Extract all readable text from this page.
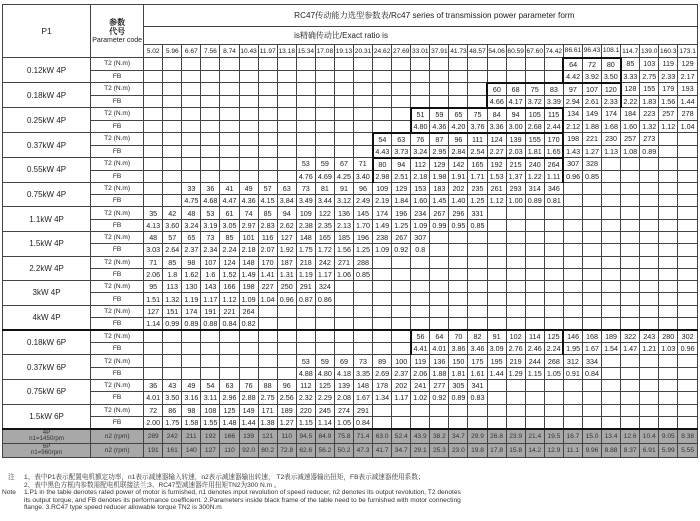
P1	参数代号
Parameter code	RC47传动能力选型参数表/Rc47 series of transmission power parameter form																												
		is精确传动比/Exact ratio is																												
		5.02	5.96	6.67	7.56	8.74	10.43	11.97	13.18	15.34	17.08	19.13	20.31	24.62	27.69	33.01	37.91	41.73	48.57	54.06	60.59	67.60	74.42	86.61	96.43	108.1	114.7	139.0	160.3	173.1
0.12kW 4P	T2 (N.m)																							64	72	80	85	103	119	129
	FB																							4.42	3.92	3.50	3.33	2.75	2.33	2.17
0.18kW 4P	T2 (N.m)																			60	68	75	83	97	107	120	128	155	179	193
	FB																			4.66	4.17	3.72	3.39	2.94	2.61	2.33	2.22	1.83	1.56	1.44
0.25kW 4P	T2 (N.m)															51	59	65	75	84	94	105	115	134	149	174	184	223	257	278
	FB															4.80	4.36	4.20	3.76	3.36	3.00	2.68	2.44	2.12	1.88	1.68	1.60	1.32	1.12	1.04
0.37kW 4P	T2 (N.m)													54	63	76	87	96	111	124	139	155	170	198	221	230	257	273		
	FB													4.43	3.73	3.24	2.95	2.84	2.54	2.27	2.03	1.81	1.65	1.43	1.27	1.13	1.08	0.89		
0.55kW 4P	T2 (N.m)									53	59	67	71	80	94	112	129	142	165	192	215	240	264	307	328					
	FB									4.76	4.69	4.25	3.40	2.98	2.51	2.18	1.98	1.91	1.71	1.53	1.37	1.22	1.11	0.96	0.85					
0.75kW 4P	T2 (N.m)			33	36	41	49	57	63	73	81	91	96	109	129	153	183	202	235	261	293	314	346							
	FB			4.75	4.68	4.47	4.36	4.15	3.84	3.49	3.44	3.12	2.49	2.19	1.84	1.60	1.45	1.40	1.25	1.12	1.00	0.89	0.81							
1.1kW 4P	T2 (N.m)	35	42	48	53	61	74	85	94	109	122	136	145	174	196	234	267	296	331											
	FB	4.13	3.60	3.24	3.19	3.05	2.97	2.83	2.62	2.38	2.35	2.13	1.70	1.49	1.25	1.09	0.99	0.95	0.85											
1.5kW 4P	T2 (N.m)	48	57	65	73	85	101	116	127	148	165	185	196	238	267	307														
	FB	3.03	2.64	2.37	2.34	2.24	2.18	2.07	1.92	1.75	1.72	1.56	1.25	1.09	0.92	0.8														
2.2kW 4P	T2 (N.m)	71	85	98	107	124	148	170	187	218	242	271	288																	
	FB	2.06	1.8	1.62	1.6	1.52	1.49	1.41	1.31	1.19	1.17	1.06	0.85																	
3kW 4P	T2 (N.m)	95	113	130	143	166	198	227	250	291	324																			
	FB	1.51	1.32	1.19	1.17	1.12	1.09	1.04	0.96	0.87	0.86																			
4kW 4P	T2 (N.m)	127	151	174	191	221	264																							
	FB	1.14	0.99	0.89	0.88	0.84	0.82																							
0.18kW 6P	T2 (N.m)															56	64	70	82	91	102	114	125	146	168	189	322	243	280	302
	FB															4.41	4.01	3.86	3.46	3.09	2.76	2.46	2.24	1.95	1.67	1.54	1.47	1.21	1.03	0.96
0.37kW 6P	T2 (N.m)									53	59	69	73	89	100	119	136	150	175	195	219	244	268	312	334					
	FB									4.88	4.80	4.18	3.35	2.69	2.37	2.06	1.88	1.81	1.61	1.44	1.29	1.15	1.05	0.91	0.84					
0.75kW 6P	T2 (N.m)	36	43	49	54	63	76	88	96	112	125	139	148	178	202	241	277	305	341											
	FB	4.01	3.50	3.16	3.11	2.96	2.88	2.75	2.56	2.32	2.29	2.08	1.67	1.34	1.17	1.02	0.92	0.89	0.83											
1.5kW 6P	T2 (N.m)	72	86	98	108	125	149	171	189	220	245	274	291																	
	FB	2.00	1.75	1.58	1.55	1.48	1.44	1.38	1.27	1.15	1.14	1.05	0.84																	

4P
n1=1450rpm	n2 (rpm)	289	242	211	192	166	139	121	110	94.5	84.9	75.8	71.4	63.0	52.4	43.9	38.2	34.7	29.9	26.8	23.9	21.4	19.5	16.7	15.0	13.4	12.6	10.4	9.05	8.38

6P
n1=960rpm	n2 (rpm)	191	161	140	127	110	92.0	80.2	72.8	62.6	56.2	50.2	47.3	41.7	34.7	29.1	25.3	23.0	19.8	17.8	15.8	14.2	12.9	11.1	9.96	8.88	8.37	6.91	5.99	5.55
注	1、表中P1表示配置电机额定功率，n1表示减速器输入转速，n2表示减速器输出转速， T2表示减速器输出扭矩，FB表示减速器使用系数；
2、表中黑色方框内参数需配电机联接法兰;3、RC47型减速器许用扭矩TN2为300 N.m 。
Note	1.P1 in the table denotes rated power of motor is furnished, n1 denotes input revolution of speed reducer, n2 denotes its output revolution, T2 denotes
its output torque, and FB denotes its performance coefficient. 2.Parameters inside black frame of the table need to be furnished with motor connecting
flange. 3.RC47 type speed reducer allowable torque TN2 is 300N.m
